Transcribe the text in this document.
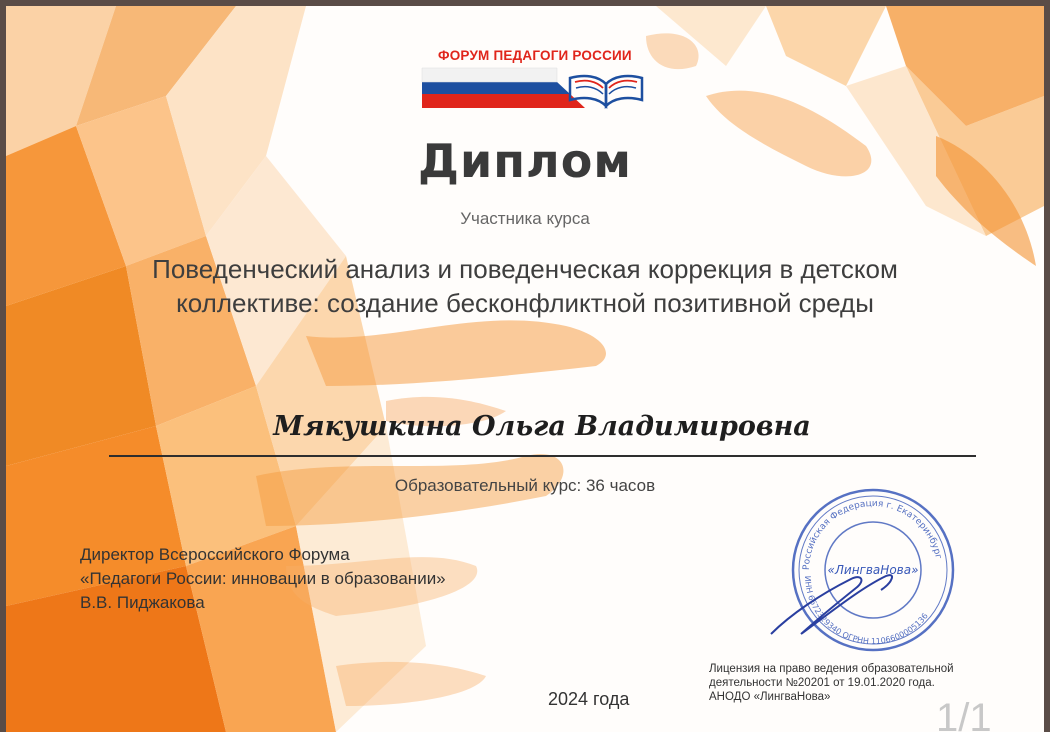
ФОРУМ ПЕДАГОГИ РОССИИ
Диплом
Участника курса
Поведенческий анализ и поведенческая коррекция в детском
коллективе: создание бесконфликтной позитивной среды
Мякушкина Ольга Владимировна
Образовательный курс: 36 часов
Директор Всероссийского Форума
«Педагоги России: инновации в образовании»
В.В. Пиджакова
Российская Федерация г. Екатеринбург
ИНН 6672329340 ОГРНН 1106600005136
«ЛингваНова»
2024 года
Лицензия на право ведения образовательной
деятельности №20201 от 19.01.2020 года.
АНОДО «ЛингваНова»	1/1
